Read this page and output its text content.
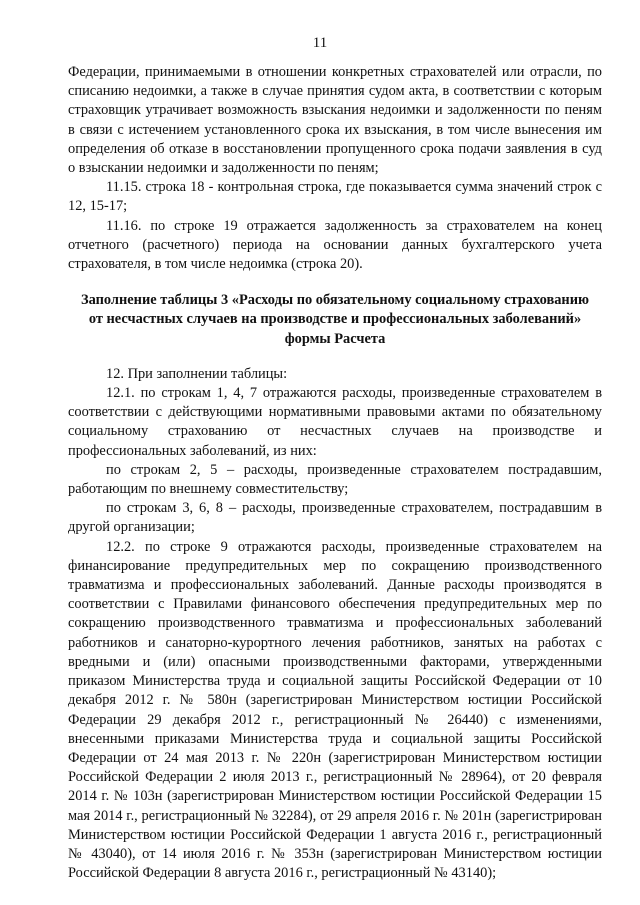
11

Федерации, принимаемыми в отношении конкретных страхователей или отрасли, по списанию недоимки, а также в случае принятия судом акта, в соответствии с которым страховщик утрачивает возможность взыскания недоимки и задолженности по пеням в связи с истечением установленного срока их взыскания, в том числе вынесения им определения об отказе в восстановлении пропущенного срока подачи заявления в суд о взыскании недоимки и задолженности по пеням;

11.15. строка 18 - контрольная строка, где показывается сумма значений строк с 12, 15-17;

11.16. по строке 19 отражается задолженность за страхователем на конец отчетного (расчетного) периода на основании данных бухгалтерского учета страхователя, в том числе недоимка (строка 20).

Заполнение таблицы 3 «Расходы по обязательному социальному страхованию от несчастных случаев на производстве и профессиональных заболеваний» формы Расчета

12. При заполнении таблицы:

12.1. по строкам 1, 4, 7 отражаются расходы, произведенные страхователем в соответствии с действующими нормативными правовыми актами по обязательному социальному страхованию от несчастных случаев на производстве и профессиональных заболеваний, из них:

по строкам 2, 5 – расходы, произведенные страхователем пострадавшим, работающим по внешнему совместительству;

по строкам 3, 6, 8 – расходы, произведенные страхователем, пострадавшим в другой организации;

12.2. по строке 9 отражаются расходы, произведенные страхователем на финансирование предупредительных мер по сокращению производственного травматизма и профессиональных заболеваний. Данные расходы производятся в соответствии с Правилами финансового обеспечения предупредительных мер по сокращению производственного травматизма и профессиональных заболеваний работников и санаторно-курортного лечения работников, занятых на работах с вредными и (или) опасными производственными факторами, утвержденными приказом Министерства труда и социальной защиты Российской Федерации от 10 декабря 2012 г. № 580н (зарегистрирован Министерством юстиции Российской Федерации 29 декабря 2012 г., регистрационный № 26440) с изменениями, внесенными приказами Министерства труда и социальной защиты Российской Федерации от 24 мая 2013 г. № 220н (зарегистрирован Министерством юстиции Российской Федерации 2 июля 2013 г., регистрационный № 28964), от 20 февраля 2014 г. № 103н (зарегистрирован Министерством юстиции Российской Федерации 15 мая 2014 г., регистрационный № 32284), от 29 апреля 2016 г. № 201н (зарегистрирован Министерством юстиции Российской Федерации 1 августа 2016 г., регистрационный № 43040), от 14 июля 2016 г. № 353н (зарегистрирован Министерством юстиции Российской Федерации 8 августа 2016 г., регистрационный № 43140);
